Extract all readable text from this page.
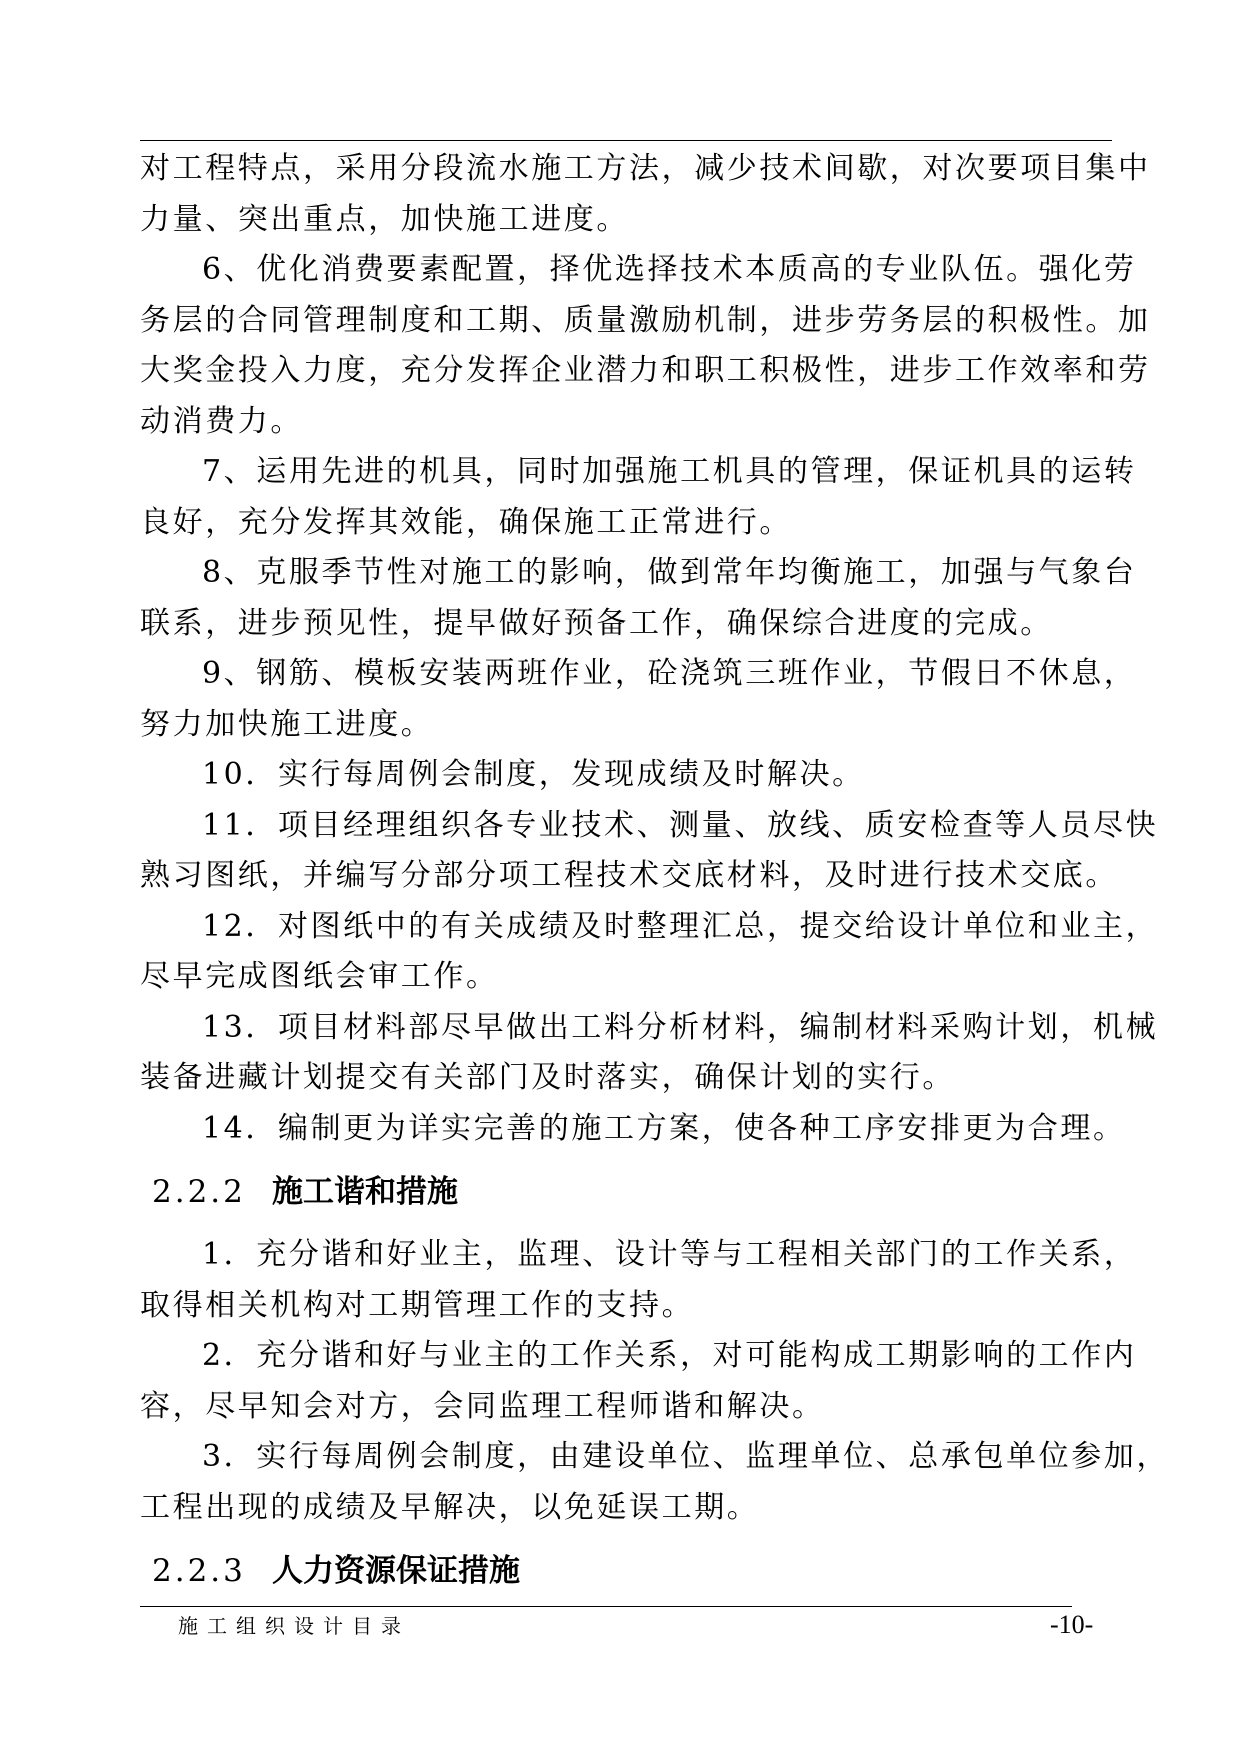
对工程特点，采用分段流水施工方法，减少技术间歇，对次要项目集中

力量、突出重点，加快施工进度。

6、优化消费要素配置，择优选择技术本质高的专业队伍。强化劳

务层的合同管理制度和工期、质量激励机制，进步劳务层的积极性。加

大奖金投入力度，充分发挥企业潜力和职工积极性，进步工作效率和劳

动消费力。

7、运用先进的机具，同时加强施工机具的管理，保证机具的运转

良好，充分发挥其效能，确保施工正常进行。

8、克服季节性对施工的影响，做到常年均衡施工，加强与气象台

联系，进步预见性，提早做好预备工作，确保综合进度的完成。

9、钢筋、模板安装两班作业，砼浇筑三班作业，节假日不休息，

努力加快施工进度。

10．实行每周例会制度，发现成绩及时解决。

11．项目经理组织各专业技术、测量、放线、质安检查等人员尽快

熟习图纸，并编写分部分项工程技术交底材料，及时进行技术交底。

12．对图纸中的有关成绩及时整理汇总，提交给设计单位和业主，

尽早完成图纸会审工作。

13．项目材料部尽早做出工料分析材料，编制材料采购计划，机械

装备进藏计划提交有关部门及时落实，确保计划的实行。

14．编制更为详实完善的施工方案，使各种工序安排更为合理。

2.2.2 施工谐和措施

1．充分谐和好业主，监理、设计等与工程相关部门的工作关系，

取得相关机构对工期管理工作的支持。

2．充分谐和好与业主的工作关系，对可能构成工期影响的工作内

容，尽早知会对方，会同监理工程师谐和解决。

3．实行每周例会制度，由建设单位、监理单位、总承包单位参加，

工程出现的成绩及早解决，以免延误工期。

2.2.3 人力资源保证措施
施工组织设计目录	-10-
